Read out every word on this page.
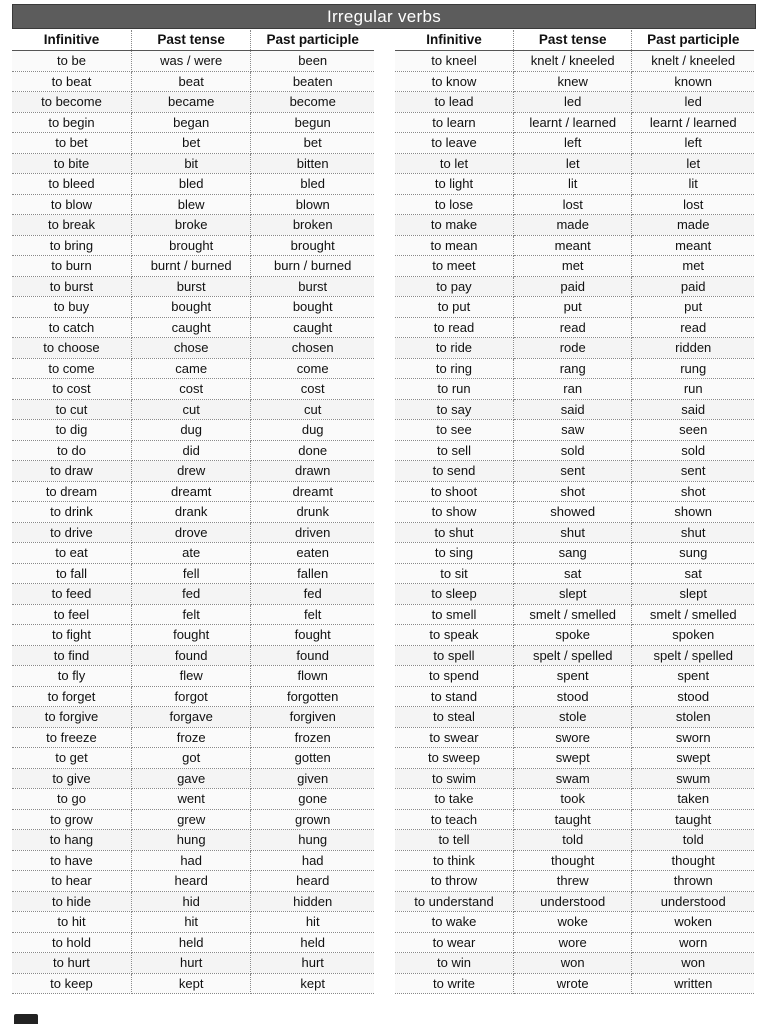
Irregular verbs
Infinitive	Past tense	Past participle
to be	was / were	been
to beat	beat	beaten
to become	became	become
to begin	began	begun
to bet	bet	bet
to bite	bit	bitten
to bleed	bled	bled
to blow	blew	blown
to break	broke	broken
to bring	brought	brought
to burn	burnt / burned	burn / burned
to burst	burst	burst
to buy	bought	bought
to catch	caught	caught
to choose	chose	chosen
to come	came	come
to cost	cost	cost
to cut	cut	cut
to dig	dug	dug
to do	did	done
to draw	drew	drawn
to dream	dreamt	dreamt
to drink	drank	drunk
to drive	drove	driven
to eat	ate	eaten
to fall	fell	fallen
to feed	fed	fed
to feel	felt	felt
to fight	fought	fought
to find	found	found
to fly	flew	flown
to forget	forgot	forgotten
to forgive	forgave	forgiven
to freeze	froze	frozen
to get	got	gotten
to give	gave	given
to go	went	gone
to grow	grew	grown
to hang	hung	hung
to have	had	had
to hear	heard	heard
to hide	hid	hidden
to hit	hit	hit
to hold	held	held
to hurt	hurt	hurt
to keep	kept	kept
Infinitive	Past tense	Past participle
to kneel	knelt / kneeled	knelt / kneeled
to know	knew	known
to lead	led	led
to learn	learnt / learned	learnt / learned
to leave	left	left
to let	let	let
to light	lit	lit
to lose	lost	lost
to make	made	made
to mean	meant	meant
to meet	met	met
to pay	paid	paid
to put	put	put
to read	read	read
to ride	rode	ridden
to ring	rang	rung
to run	ran	run
to say	said	said
to see	saw	seen
to sell	sold	sold
to send	sent	sent
to shoot	shot	shot
to show	showed	shown
to shut	shut	shut
to sing	sang	sung
to sit	sat	sat
to sleep	slept	slept
to smell	smelt / smelled	smelt / smelled
to speak	spoke	spoken
to spell	spelt / spelled	spelt / spelled
to spend	spent	spent
to stand	stood	stood
to steal	stole	stolen
to swear	swore	sworn
to sweep	swept	swept
to swim	swam	swum
to take	took	taken
to teach	taught	taught
to tell	told	told
to think	thought	thought
to throw	threw	thrown
to understand	understood	understood
to wake	woke	woken
to wear	wore	worn
to win	won	won
to write	wrote	written
